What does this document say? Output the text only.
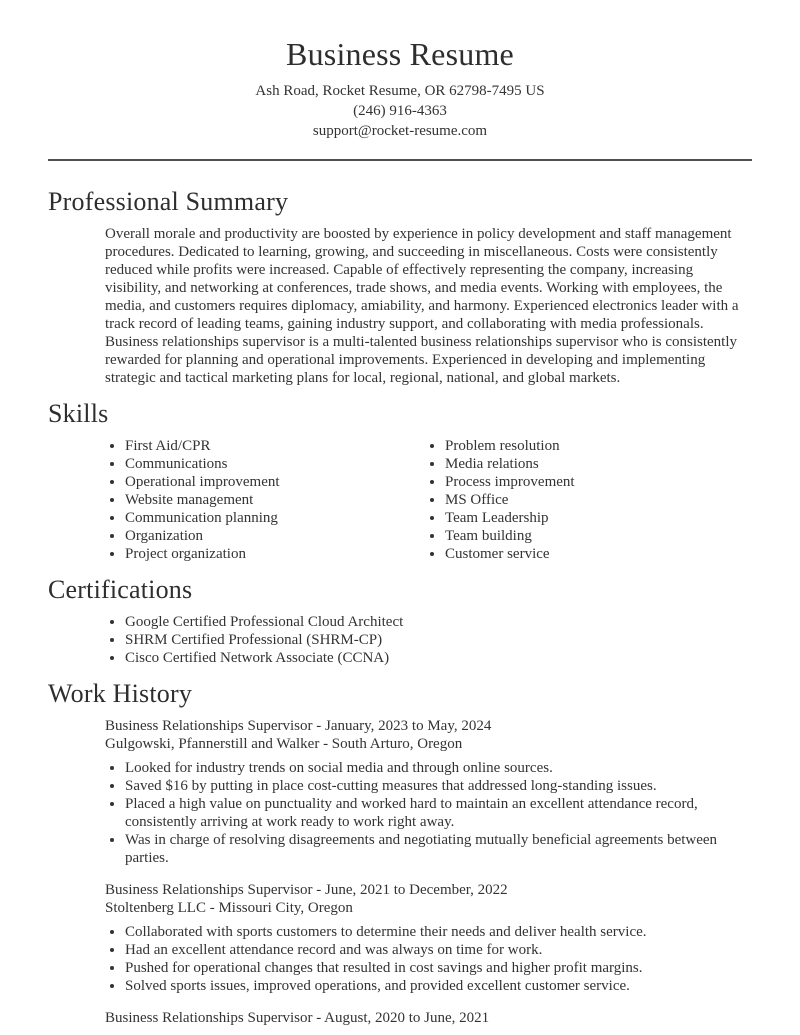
Business Resume
Ash Road, Rocket Resume, OR 62798-7495 US
(246) 916-4363
support@rocket-resume.com
Professional Summary

Overall morale and productivity are boosted by experience in policy development and staff management procedures. Dedicated to learning, growing, and succeeding in miscellaneous. Costs were consistently reduced while profits were increased. Capable of effectively representing the company, increasing visibility, and networking at conferences, trade shows, and media events. Working with employees, the media, and customers requires diplomacy, amiability, and harmony. Experienced electronics leader with a track record of leading teams, gaining industry support, and collaborating with media professionals. Business relationships supervisor is a multi-talented business relationships supervisor who is consistently rewarded for planning and operational improvements. Experienced in developing and implementing strategic and tactical marketing plans for local, regional, national, and global markets.

Skills
• First Aid/CPR
• Communications
• Operational improvement
• Website management
• Communication planning
• Organization
• Project organization
• Problem resolution
• Media relations
• Process improvement
• MS Office
• Team Leadership
• Team building
• Customer service
Certifications
• Google Certified Professional Cloud Architect
• SHRM Certified Professional (SHRM-CP)
• Cisco Certified Network Associate (CCNA)
Work History
Business Relationships Supervisor - January, 2023 to May, 2024
Gulgowski, Pfannerstill and Walker - South Arturo, Oregon
• Looked for industry trends on social media and through online sources.
• Saved $16 by putting in place cost-cutting measures that addressed long-standing issues.
• Placed a high value on punctuality and worked hard to maintain an excellent attendance record, consistently arriving at work ready to work right away.
• Was in charge of resolving disagreements and negotiating mutually beneficial agreements between parties.
Business Relationships Supervisor - June, 2021 to December, 2022
Stoltenberg LLC - Missouri City, Oregon
• Collaborated with sports customers to determine their needs and deliver health service.
• Had an excellent attendance record and was always on time for work.
• Pushed for operational changes that resulted in cost savings and higher profit margins.
• Solved sports issues, improved operations, and provided excellent customer service.
Business Relationships Supervisor - August, 2020 to June, 2021
